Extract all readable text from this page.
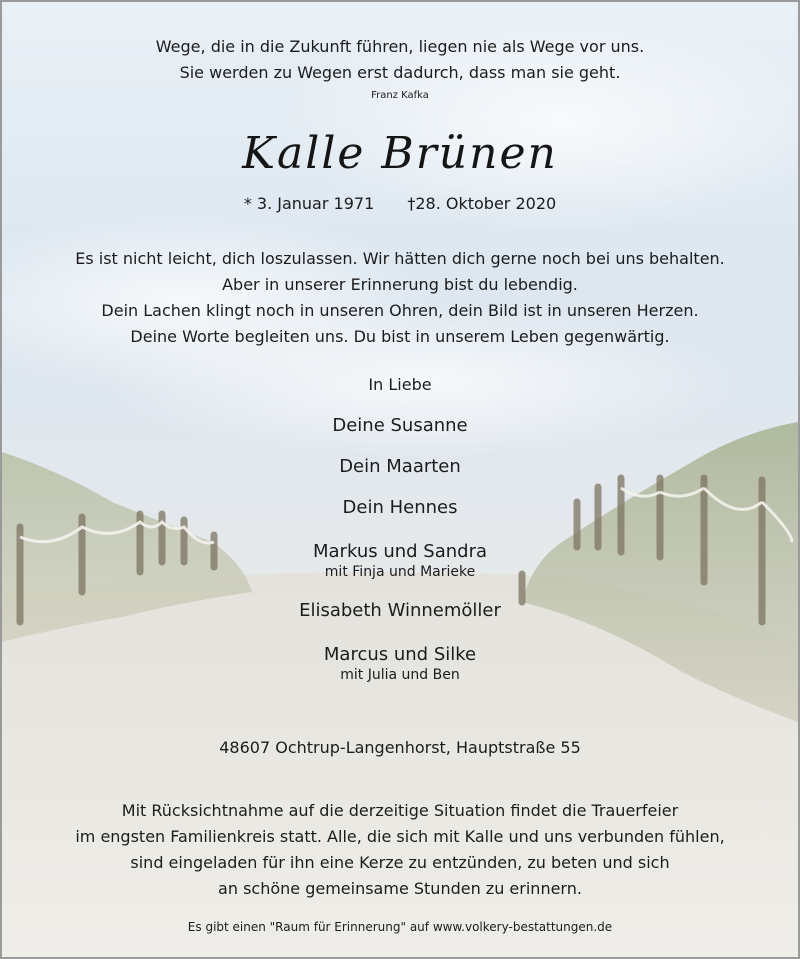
Wege, die in die Zukunft führen, liegen nie als Wege vor uns.
Sie werden zu Wegen erst dadurch, dass man sie geht.
Franz Kafka
Kalle Brünen
* 3. Januar 1971 †28. Oktober 2020
Es ist nicht leicht, dich loszulassen. Wir hätten dich gerne noch bei uns behalten.
Aber in unserer Erinnerung bist du lebendig.
Dein Lachen klingt noch in unseren Ohren, dein Bild ist in unseren Herzen.
Deine Worte begleiten uns. Du bist in unserem Leben gegenwärtig.
In Liebe
Deine Susanne
Dein Maarten
Dein Hennes
Markus und Sandra
mit Finja und Marieke
Elisabeth Winnemöller
Marcus und Silke
mit Julia und Ben
48607 Ochtrup-Langenhorst, Hauptstraße 55
Mit Rücksichtnahme auf die derzeitige Situation findet die Trauerfeier
im engsten Familienkreis statt. Alle, die sich mit Kalle und uns verbunden fühlen,
sind eingeladen für ihn eine Kerze zu entzünden, zu beten und sich
an schöne gemeinsame Stunden zu erinnern.
Es gibt einen "Raum für Erinnerung" auf www.volkery-bestattungen.de
